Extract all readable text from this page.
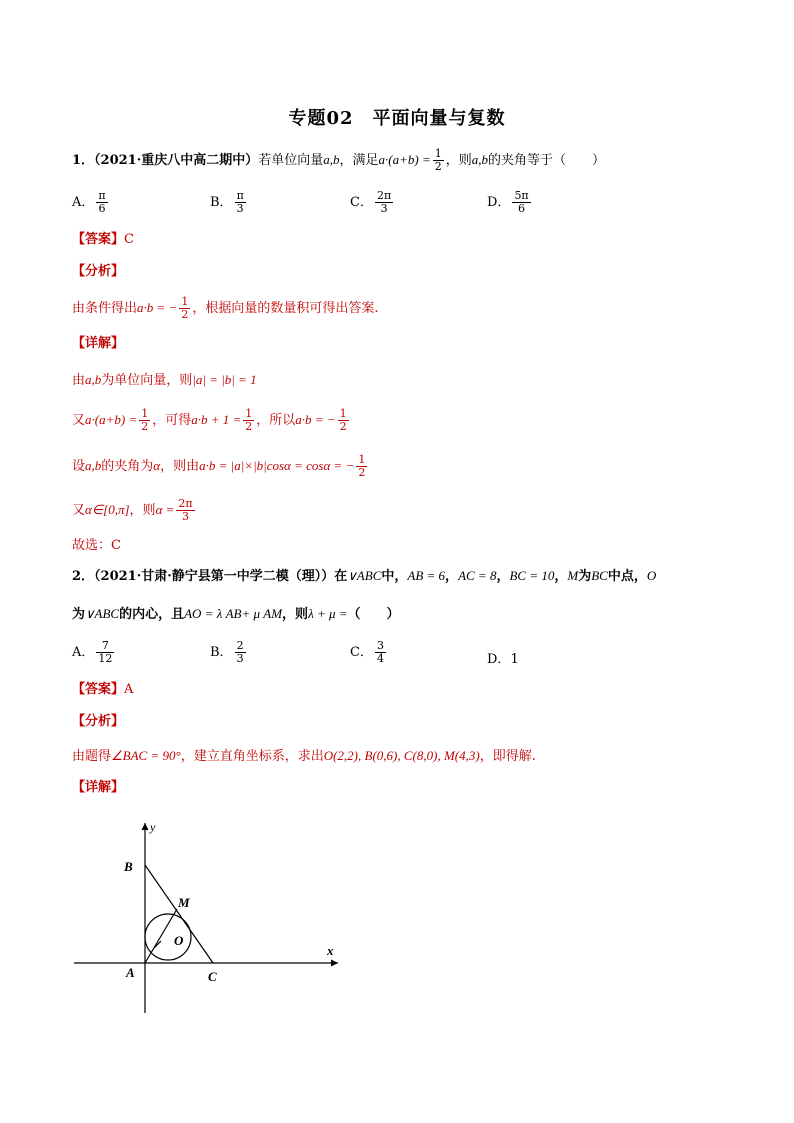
专题02　平面向量与复数
1．（2021·重庆八中高二期中）若单位向量a,b，满足$a\cdot(a+b) = \frac{1}{2}$ ，则a,b的夹角等于（　　）
A． $\frac{\pi}{6}$	B． $\frac{\pi}{3}$	C． $\frac{2\pi}{3}$	D． $\frac{5\pi}{6}$
【答案】C
【分析】
由条件得出a·b = − $\frac{1}{2}$ ，根据向量的数量积可得出答案.
【详解】
由a,b为单位向量，则|a| = |b| = 1
又$a\cdot(a+b) = \frac{1}{2}$ ，可得$a\cdot b + 1 = \frac{1}{2}$ ，所以a·b = − $\frac{1}{2}$
设a,b的夹角为α，则由a·b = |a|×|b|cosα = cosα = − $\frac{1}{2}$
又α∈[0,π]，则$\alpha = \frac{2\pi}{3}$
故选：C
2．（2021·甘肃·静宁县第一中学二模（理））在∨ABC中，AB = 6，AC = 8，BC = 10，M为BC中点，O
为∨ABC的内心，且AO = λ AB+ μ AM，则λ + μ =（　　）
A． $\frac{7}{12}$	B． $\frac{2}{3}$	C． $\frac{3}{4}$	D．1
【答案】A
【分析】
由题得∠BAC = 90°，建立直角坐标系，求出O(2,2), B(0,6), C(8,0), M(4,3)，即得解.
【详解】
y
x
B
M
O
A	C
